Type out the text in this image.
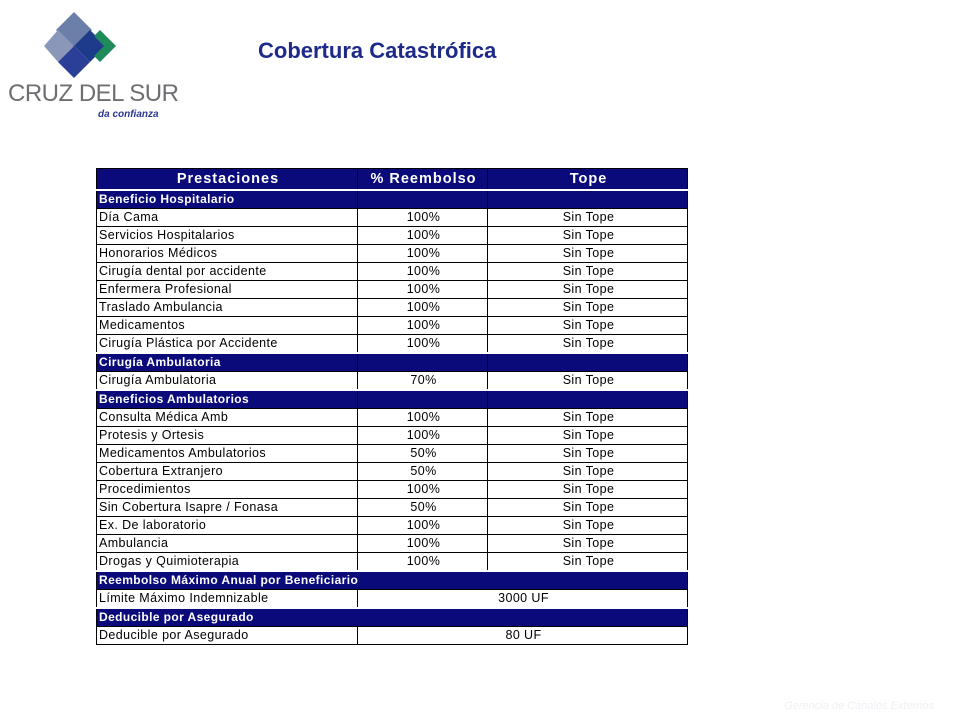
CRUZ DEL SUR
da confianza
Cobertura Catastrófica
Prestaciones	% Reembolso	Tope
Beneficio Hospitalario		
Día Cama	100%	Sin Tope
Servicios Hospitalarios	100%	Sin Tope
Honorarios Médicos	100%	Sin Tope
Cirugía dental por accidente	100%	Sin Tope
Enfermera Profesional	100%	Sin Tope
Traslado Ambulancia	100%	Sin Tope
Medicamentos	100%	Sin Tope
Cirugía Plástica por Accidente	100%	Sin Tope
Cirugía Ambulatoria		
Cirugía Ambulatoria	70%	Sin Tope
Beneficios Ambulatorios		
Consulta Médica Amb	100%	Sin Tope
Protesis y Ortesis	100%	Sin Tope
Medicamentos Ambulatorios	50%	Sin Tope
Cobertura Extranjero	50%	Sin Tope
Procedimientos	100%	Sin Tope
Sin Cobertura Isapre / Fonasa	50%	Sin Tope
Ex. De laboratorio	100%	Sin Tope
Ambulancia	100%	Sin Tope
Drogas y Quimioterapia	100%	Sin Tope
Reembolso Máximo Anual por Beneficiario		
Límite Máximo Indemnizable	3000 UF	
Deducible por Asegurado		
Deducible por Asegurado	80 UF	
Gerencia de Canales Externos
